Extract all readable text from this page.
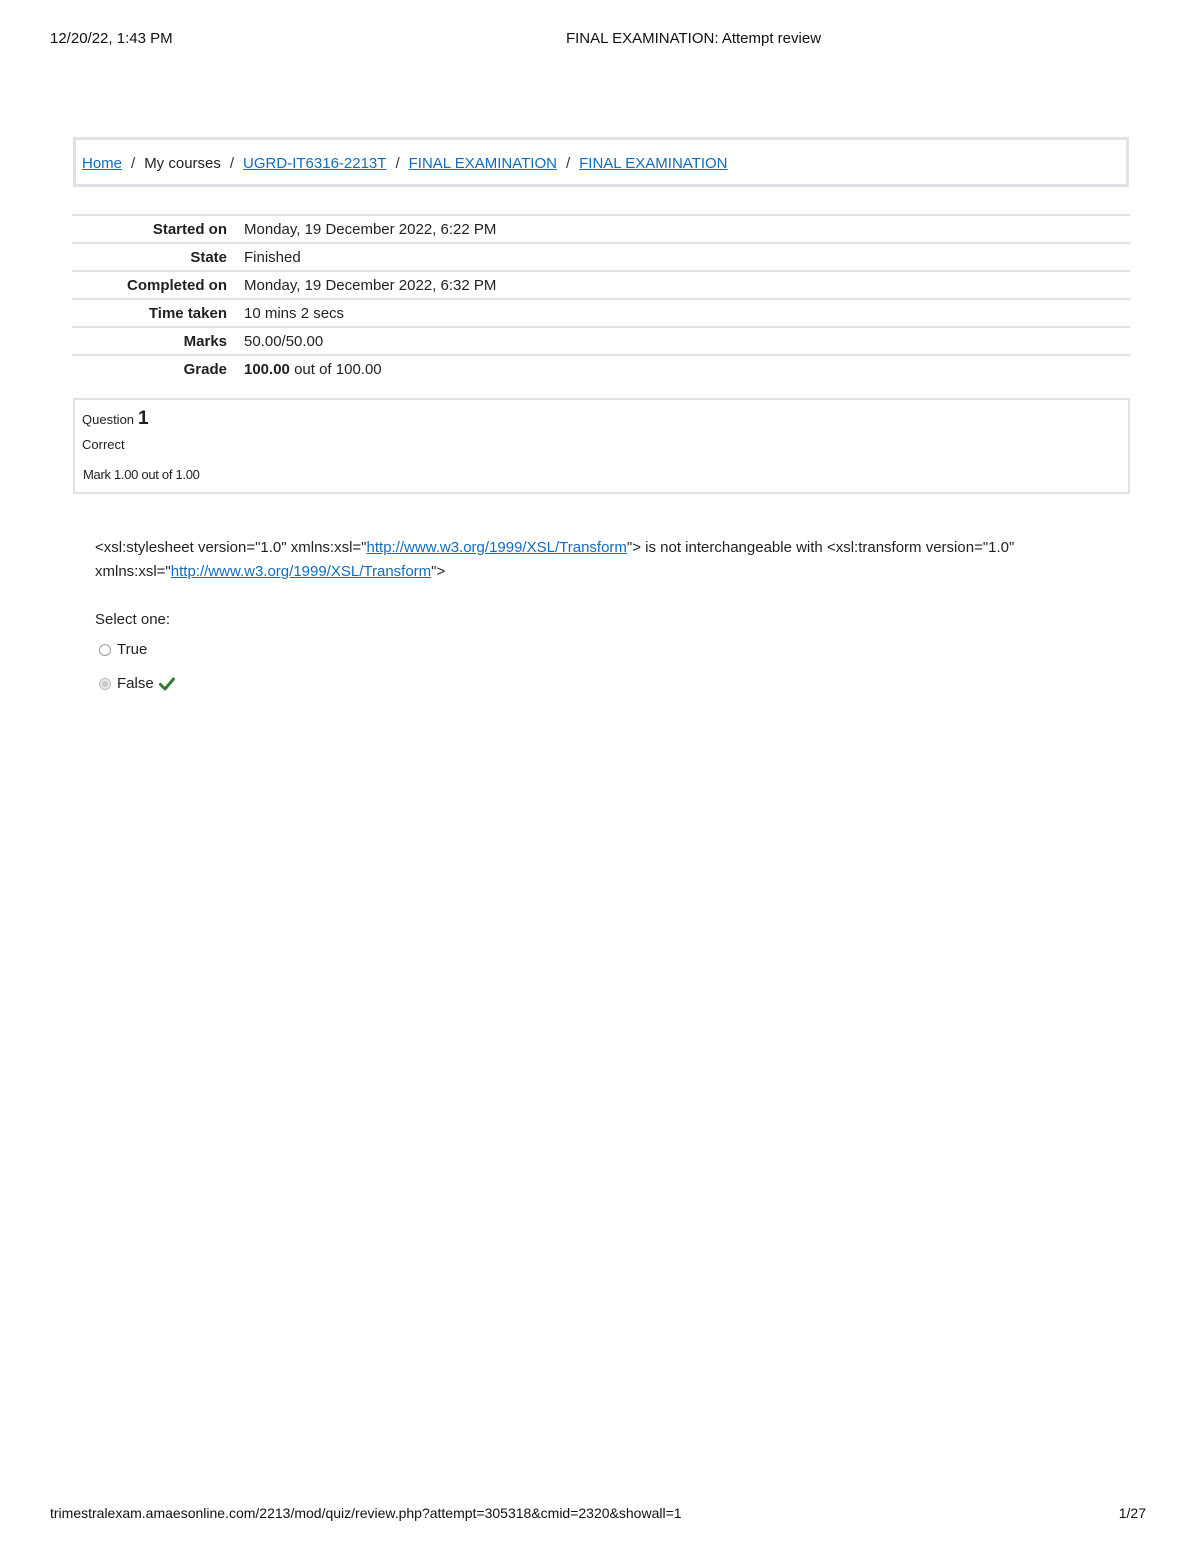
12/20/22, 1:43 PM	FINAL EXAMINATION: Attempt review
Home / My courses / UGRD-IT6316-2213T / FINAL EXAMINATION / FINAL EXAMINATION
Started on	Monday, 19 December 2022, 6:22 PM
State	Finished
Completed on	Monday, 19 December 2022, 6:32 PM
Time taken	10 mins 2 secs
Marks	50.00/50.00
Grade	100.00 out of 100.00
Question 1
Correct
Mark 1.00 out of 1.00
<xsl:stylesheet version="1.0" xmlns:xsl="http://www.w3.org/1999/XSL/Transform"> is not interchangeable with <xsl:transform version="1.0" xmlns:xsl="http://www.w3.org/1999/XSL/Transform">
Select one:
True
False
trimestralexam.amaesonline.com/2213/mod/quiz/review.php?attempt=305318&cmid=2320&showall=1	1/27
